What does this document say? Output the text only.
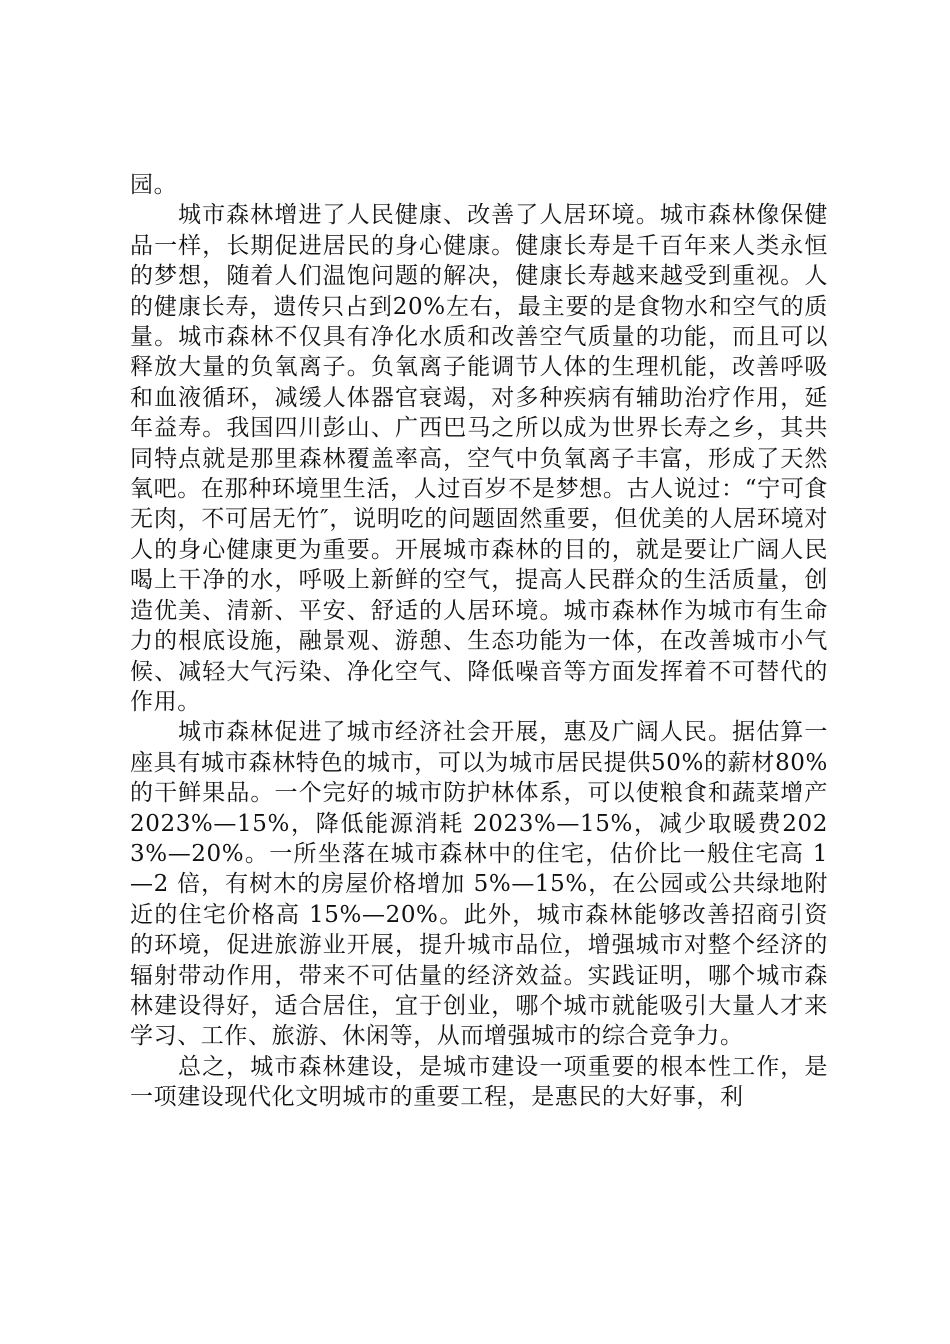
园。

城市森林增进了人民健康、改善了人居环境。城市森林像保健品一样，长期促进居民的身心健康。健康长寿是千百年来人类永恒的梦想，随着人们温饱问题的解决，健康长寿越来越受到重视。人的健康长寿，遗传只占到20%左右，最主要的是食物水和空气的质量。城市森林不仅具有净化水质和改善空气质量的功能，而且可以释放大量的负氧离子。负氧离子能调节人体的生理机能，改善呼吸和血液循环，减缓人体器官衰竭，对多种疾病有辅助治疗作用，延年益寿。我国四川彭山、广西巴马之所以成为世界长寿之乡，其共同特点就是那里森林覆盖率高，空气中负氧离子丰富，形成了天然氧吧。在那种环境里生活，人过百岁不是梦想。古人说过：“宁可食无肉，不可居无竹″，说明吃的问题固然重要，但优美的人居环境对人的身心健康更为重要。开展城市森林的目的，就是要让广阔人民喝上干净的水，呼吸上新鲜的空气，提高人民群众的生活质量，创造优美、清新、平安、舒适的人居环境。城市森林作为城市有生命力的根底设施，融景观、游憩、生态功能为一体，在改善城市小气候、减轻大气污染、净化空气、降低噪音等方面发挥着不可替代的作用。

城市森林促进了城市经济社会开展，惠及广阔人民。据估算一座具有城市森林特色的城市，可以为城市居民提供50%的薪材80%的干鲜果品。一个完好的城市防护林体系，可以使粮食和蔬菜增产 2023%—15%，降低能源消耗 2023%—15%，减少取暖费2023%—20%。一所坐落在城市森林中的住宅，估价比一般住宅高 1—2 倍，有树木的房屋价格增加 5%—15%，在公园或公共绿地附近的住宅价格高 15%—20%。此外，城市森林能够改善招商引资的环境，促进旅游业开展，提升城市品位，增强城市对整个经济的辐射带动作用，带来不可估量的经济效益。实践证明，哪个城市森林建设得好，适合居住，宜于创业，哪个城市就能吸引大量人才来学习、工作、旅游、休闲等，从而增强城市的综合竞争力。

总之，城市森林建设，是城市建设一项重要的根本性工作，是一项建设现代化文明城市的重要工程，是惠民的大好事，利
